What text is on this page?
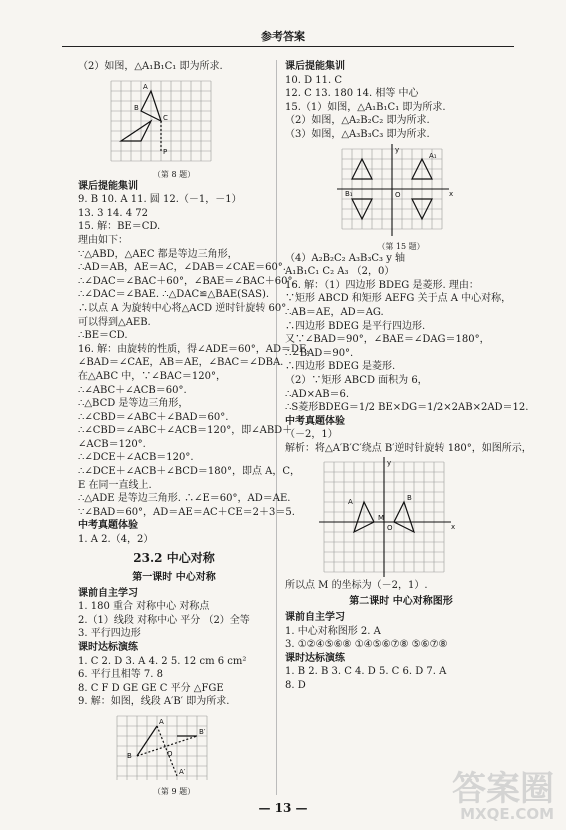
参考答案
（2）如图，△A₁B₁C₁ 即为所求.
A
B
C
P
（第 8 题）
课后提能集训
9. B 10. A 11. 圆 12.（－1，－1）
13. 3 14. 4 72
15. 解：BE＝CD.
理由如下：
∵△ABD，△AEC 都是等边三角形，
∴AD＝AB，AE＝AC，∠DAB＝∠CAE＝60°.
∴∠DAC＝∠BAC＋60°，∠BAE＝∠BAC＋60°.
∴∠DAC＝∠BAE. ∴△DAC≌△BAE(SAS).
∴以点 A 为旋转中心将△ACD 逆时针旋转 60°
可以得到△AEB.
∴BE＝CD.
16. 解：由旋转的性质，得∠ADE＝60°，AD＝DE，
∠BAD＝∠CAE，AB＝AE，∠BAC＝∠DBA.
在△ABC 中，∵∠BAC＝120°，
∴∠ABC＋∠ACB＝60°.
∴△BCD 是等边三角形，
∴∠CBD＝∠ABC＋∠BAD＝60°.
∴∠CBD＝∠ABC＋∠ACB＝120°，即∠ABD＋
∠ACB＝120°.
∴∠DCE＋∠ACB＝120°.
∴∠DCE＋∠ACB＋∠BCD＝180°，即点 A，C，
E 在同一直线上.
∴△ADE 是等边三角形. ∴∠E＝60°，AD＝AE.
∵∠BAD＝60°，AD＝AE＝AC＋CE＝2＋3＝5.
中考真题体验
1. A 2.（4，2）
23.2 中心对称
第一课时 中心对称
课前自主学习
1. 180 重合 对称中心 对称点
2.（1）线段 对称中心 平分 （2）全等
3. 平行四边形
课时达标演练
1. C 2. D 3. A 4. 2 5. 12 cm 6 cm²
6. 平行且相等 7. 8
8. C F D GE GE C 平分 △FGE
9. 解：如图，线段 A′B′ 即为所求.
A
B	O
B′
A′
（第 9 题）
课后提能集训
10. D 11. C
12. C 13. 180 14. 相等 中心
15.（1）如图，△A₁B₁C₁ 即为所求.
（2）如图，△A₂B₂C₂ 即为所求.
（3）如图，△A₃B₃C₃ 即为所求.
y
x
O
B₁
A₁
（第 15 题）
（4）A₂B₂C₂ A₃B₃C₃ y 轴
A₁B₁C₁ C₂ A₃ （2，0）
16. 解：（1）四边形 BDEG 是菱形. 理由：
∵矩形 ABCD 和矩形 AEFG 关于点 A 中心对称，
∴AB＝AE，AD＝AG.
∴四边形 BDEG 是平行四边形.
又∵∠BAD＝90°，∠BAE＝∠DAG＝180°，
∴∠BAD＝90°.
∴四边形 BDEG 是菱形.
（2）∵矩形 ABCD 面积为 6，
∴AD×AB＝6.
∴S菱形BDEG＝1/2 BE×DG＝1/2×2AB×2AD＝12.
中考真题体验
（－2，1）
解析：将△A′B′C′绕点 B′逆时针旋转 180°，如图所示，
y
x
O
A
M
B
所以点 M 的坐标为（－2，1）.
第二课时 中心对称图形
课前自主学习
1. 中心对称图形 2. A
3. ①②④⑤⑥⑧ ①④⑤⑥⑦⑧ ⑤⑥⑦⑧
课时达标演练
1. B 2. B 3. C 4. D 5. C 6. D 7. A
8. D
— 13 —	答案圈
MXQE.COM
